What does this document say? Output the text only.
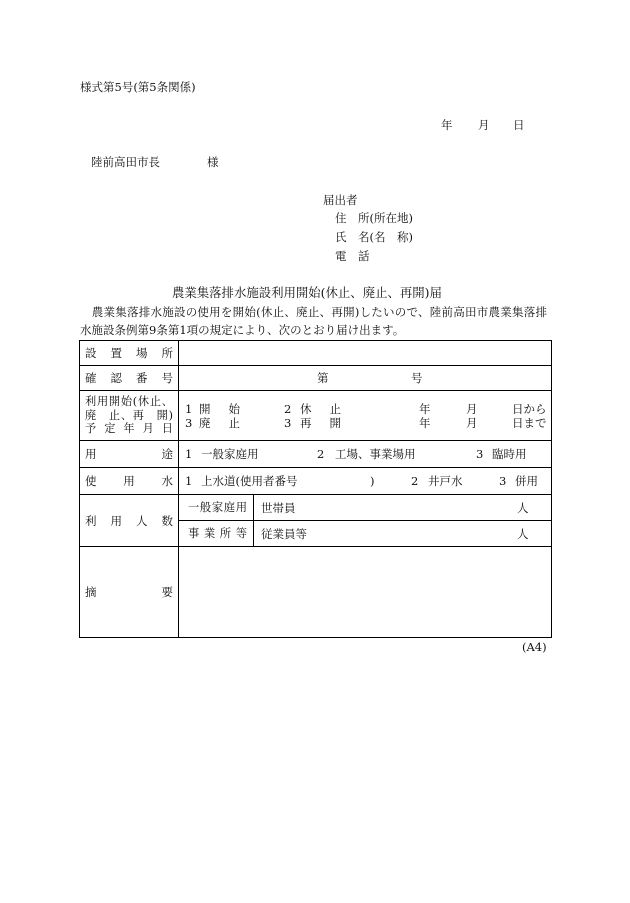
様式第5号(第5条関係)
年 月 日
陸前高田市長	様
届出者
住　所(所在地)
氏　名(名　称)
電　話
農業集落排水施設利用開始(休止、廃止、再開)届
　農業集落排水施設の使用を開始(休止、廃止、再開)したいので、陸前高田市農業集落排
水施設条例第9条第1項の規定により、次のとおり届け出ます。
設　置　場　所
確　認　番　号	第	号
利用開始(休止、
廃　止、再　開)
予 定 年 月 日
1 開　始	2 休　止	年	月	日から
3 廃　止	3 再　開	年	月	日まで
用　　　　途 1 一般家庭用	2 工場、事業場用	3 臨時用
使　　用　　水 1 上水道(使用者番号	)	2 井戸水	3 併用
利　用　人　数
一般家庭用 世帯員	人
事 業 所 等 従業員等	人
摘　　　　要
(A4)
